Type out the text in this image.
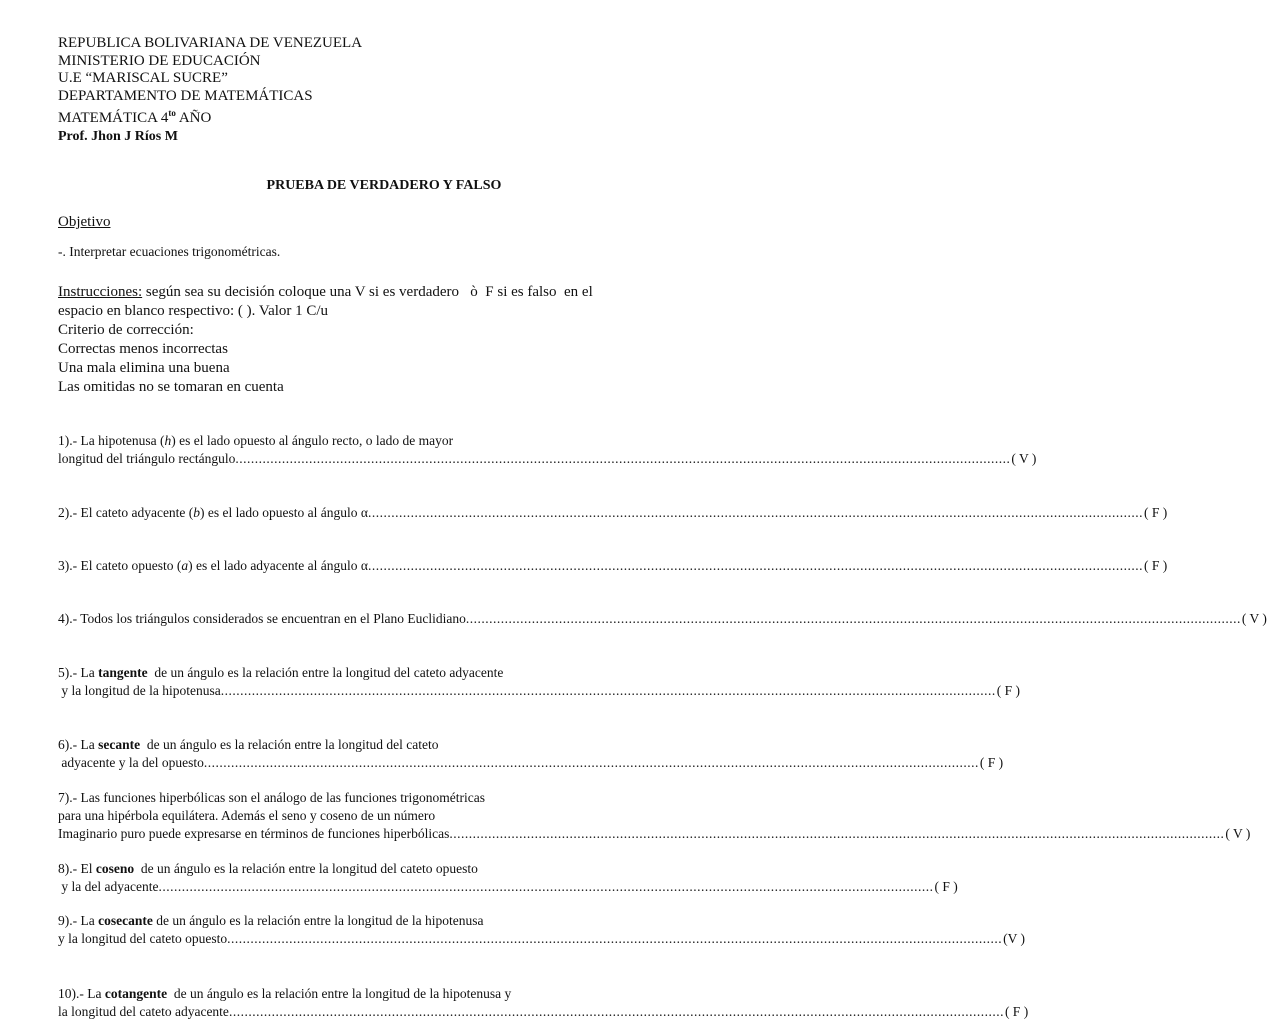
REPUBLICA BOLIVARIANA DE VENEZUELA
MINISTERIO DE EDUCACIÓN
U.E “MARISCAL SUCRE”
DEPARTAMENTO DE MATEMÁTICAS
MATEMÁTICA $4^{to}$ AÑO
Prof. Jhon J Ríos M
PRUEBA DE VERDADERO Y FALSO
Objetivo
-. Interpretar ecuaciones trigonométricas.
Instrucciones: según sea su decisión coloque una V si es verdadero   ò  F si es falso  en el
espacio en blanco respectivo: ( ). Valor 1 C/u
Criterio de corrección:
Correctas menos incorrectas
Una mala elimina una buena
Las omitidas no se tomaran en cuenta
1).- La hipotenusa (h) es el lado opuesto al ángulo recto, o lado de mayor
longitud del triángulo rectángulo ........................................................................................................................................................................................................ ( V )
2).- El cateto adyacente (b) es el lado opuesto al ángulo α ........................................................................................................................................................................................................ ( F )
3).- El cateto opuesto (a) es el lado adyacente al ángulo α ........................................................................................................................................................................................................ ( F )
4).- Todos los triángulos considerados se encuentran en el Plano Euclidiano ........................................................................................................................................................................................................ ( V )
5).- La tangente  de un ángulo es la relación entre la longitud del cateto adyacente
y la longitud de la hipotenusa ........................................................................................................................................................................................................ ( F )
6).- La secante  de un ángulo es la relación entre la longitud del cateto
adyacente y la del opuesto ........................................................................................................................................................................................................ ( F )
7).- Las funciones hiperbólicas son el análogo de las funciones trigonométricas
para una hipérbola equilátera. Además el seno y coseno de un número
Imaginario puro puede expresarse en términos de funciones hiperbólicas ........................................................................................................................................................................................................ ( V )
8).- El coseno  de un ángulo es la relación entre la longitud del cateto opuesto
y la del adyacente ........................................................................................................................................................................................................ ( F )
9).- La cosecante de un ángulo es la relación entre la longitud de la hipotenusa
y la longitud del cateto opuesto ........................................................................................................................................................................................................ (V )
10).- La cotangente  de un ángulo es la relación entre la longitud de la hipotenusa y
la longitud del cateto adyacente ........................................................................................................................................................................................................ ( F )
